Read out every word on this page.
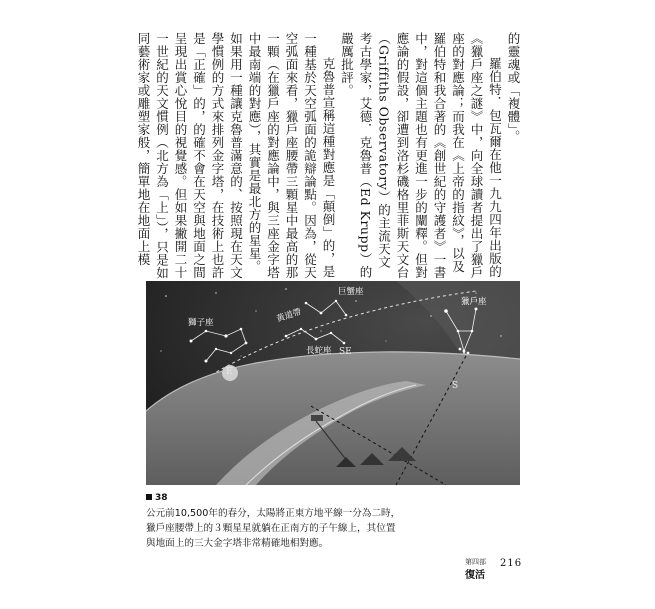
的靈魂或「複體」。

羅伯特．包瓦爾在他一九九四年出版的《獵戶座之謎》中，向全球讀者提出了獵戶座的對應論；而我在《上帝的指紋》，以及羅伯特和我合著的《創世紀的守護者》一書中，對這個主題也有更進一步的闡釋。但對應論的假設，卻遭到洛杉磯格里菲斯天文台（Griffiths Observatory）的主流天文考古學家，艾德．克魯普（Ed Krupp）的嚴厲批評。

克魯普宣稱這種對應是「顛倒」的，是一種基於天空弧面的詭辯論點。因為，從天空弧面來看，獵戶座腰帶三顆星中最高的那一顆（在獵戶座的對應論中，與三座金字塔中最南端的對應），其實是最北方的星星。如果用一種讓克魯普滿意的、按照現在天文學慣例的方式來排列金字塔，在技術上也許是「正確」的，的確不會在天空與地面之間呈現出賞心悅目的視覺感。但如果撇開二十一世紀的天文慣例（北方為「上」），只是如同藝術家或雕塑家般，簡單地在地面上模

獅子座	黃道帶
巨蟹座
長蛇座
獵戶座
E
SE
S
38
公元前10,500年的春分，太陽將正東方地平線一分為二時，
獵戶座腰帶上的３顆星星就躺在正南方的子午線上，其位置
與地面上的三大金字塔非常精確地相對應。
第四部
復活
216
